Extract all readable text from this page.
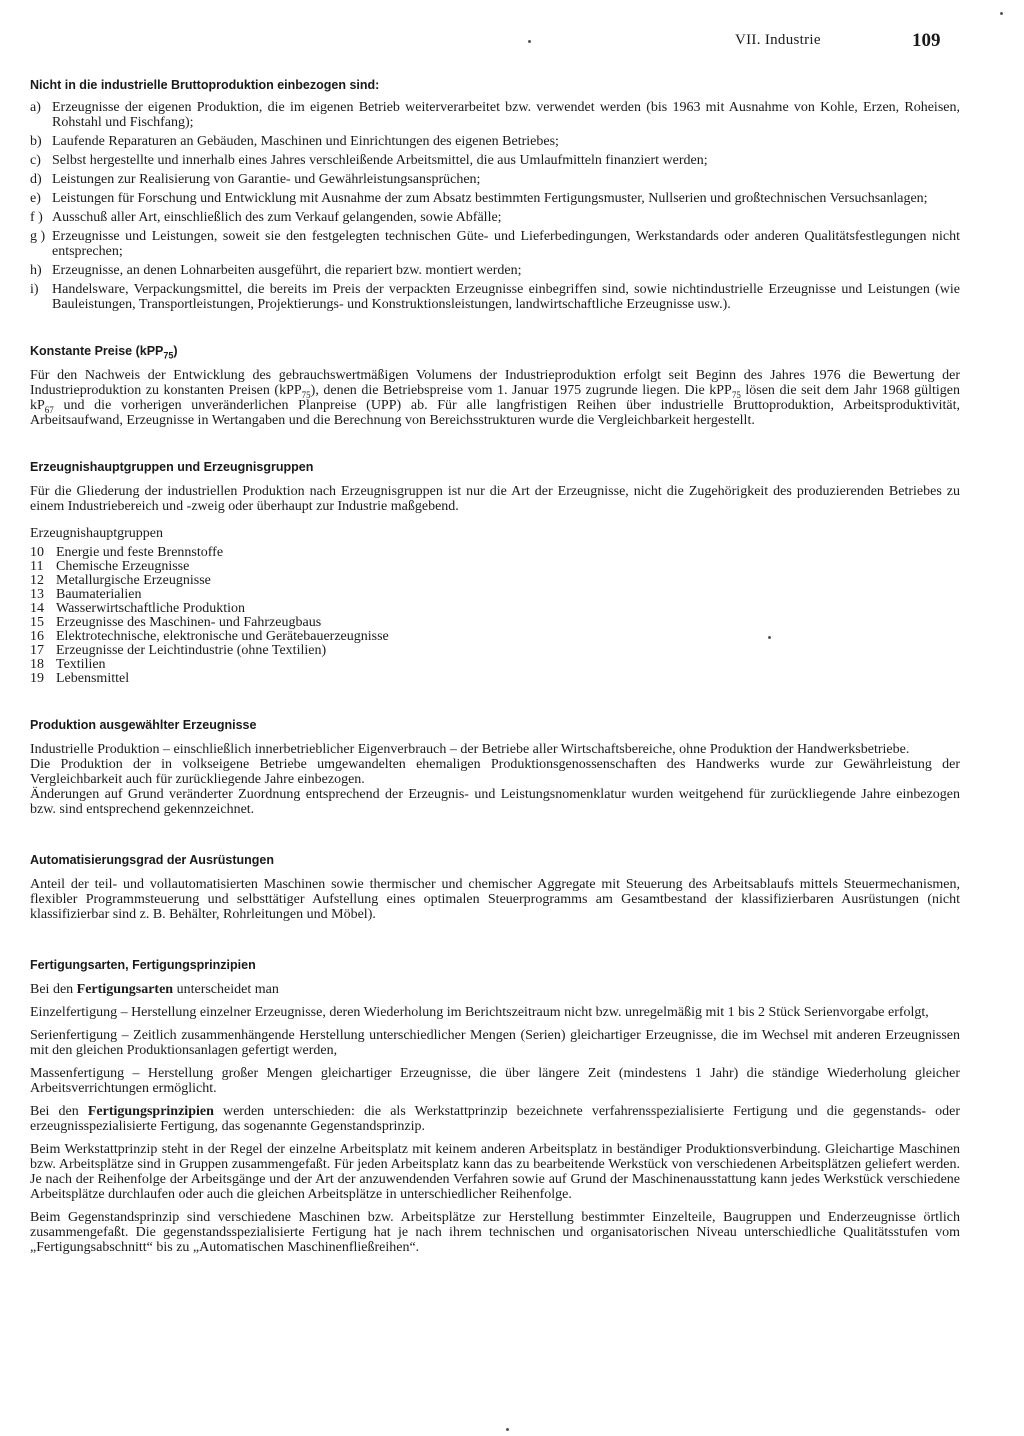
VII. Industrie	109
Nicht in die industrielle Bruttoproduktion einbezogen sind:
a) Erzeugnisse der eigenen Produktion, die im eigenen Betrieb weiterverarbeitet bzw. verwendet werden (bis 1963 mit Ausnahme von Kohle, Erzen, Roheisen, Rohstahl und Fischfang);
b) Laufende Reparaturen an Gebäuden, Maschinen und Einrichtungen des eigenen Betriebes;
c) Selbst hergestellte und innerhalb eines Jahres verschleißende Arbeitsmittel, die aus Umlaufmitteln finanziert werden;
d) Leistungen zur Realisierung von Garantie- und Gewährleistungsansprüchen;
e) Leistungen für Forschung und Entwicklung mit Ausnahme der zum Absatz bestimmten Fertigungsmuster, Nullserien und großtechnischen Versuchsanlagen;
f ) Ausschuß aller Art, einschließlich des zum Verkauf gelangenden, sowie Abfälle;
g ) Erzeugnisse und Leistungen, soweit sie den festgelegten technischen Güte- und Lieferbedingungen, Werkstandards oder anderen Qualitätsfestlegungen nicht entsprechen;
h) Erzeugnisse, an denen Lohnarbeiten ausgeführt, die repariert bzw. montiert werden;
i) Handelsware, Verpackungsmittel, die bereits im Preis der verpackten Erzeugnisse einbegriffen sind, sowie nichtindustrielle Erzeugnisse und Leistungen (wie Bauleistungen, Transportleistungen, Projektierungs- und Konstruktionsleistungen, landwirtschaftliche Erzeugnisse usw.).
Konstante Preise (kPP$_{75}$)

Für den Nachweis der Entwicklung des gebrauchswertmäßigen Volumens der Industrieproduktion erfolgt seit Beginn des Jahres 1976 die Bewertung der Industrieproduktion zu konstanten Preisen (kPP$_{75}$), denen die Betriebspreise vom 1. Januar 1975 zugrunde liegen. Die kPP$_{75}$ lösen die seit dem Jahr 1968 gültigen $kP_{67}$ und die vorherigen unveränderlichen Planpreise (UPP) ab. Für alle langfristigen Reihen über industrielle Bruttoproduktion, Arbeitsproduktivität, Arbeitsaufwand, Erzeugnisse in Wertangaben und die Berechnung von Bereichsstrukturen wurde die Vergleichbarkeit hergestellt.

Erzeugnishauptgruppen und Erzeugnisgruppen

Für die Gliederung der industriellen Produktion nach Erzeugnisgruppen ist nur die Art der Erzeugnisse, nicht die Zugehörigkeit des produzierenden Betriebes zu einem Industriebereich und -zweig oder überhaupt zur Industrie maßgebend.

Erzeugnishauptgruppen
10 Energie und feste Brennstoffe
11 Chemische Erzeugnisse
12 Metallurgische Erzeugnisse
13 Baumaterialien
14 Wasserwirtschaftliche Produktion
15 Erzeugnisse des Maschinen- und Fahrzeugbaus
16 Elektrotechnische, elektronische und Gerätebauerzeugnisse
17 Erzeugnisse der Leichtindustrie (ohne Textilien)
18 Textilien
19 Lebensmittel
Produktion ausgewählter Erzeugnisse

Industrielle Produktion – einschließlich innerbetrieblicher Eigenverbrauch – der Betriebe aller Wirtschaftsbereiche, ohne Produktion der Handwerksbetriebe.

Die Produktion der in volkseigene Betriebe umgewandelten ehemaligen Produktionsgenossenschaften des Handwerks wurde zur Gewährleistung der Vergleichbarkeit auch für zurückliegende Jahre einbezogen.

Änderungen auf Grund veränderter Zuordnung entsprechend der Erzeugnis- und Leistungsnomenklatur wurden weitgehend für zurückliegende Jahre einbezogen bzw. sind entsprechend gekennzeichnet.

Automatisierungsgrad der Ausrüstungen

Anteil der teil- und vollautomatisierten Maschinen sowie thermischer und chemischer Aggregate mit Steuerung des Arbeitsablaufs mittels Steuermechanismen, flexibler Programmsteuerung und selbsttätiger Aufstellung eines optimalen Steuerprogramms am Gesamtbestand der klassifizierbaren Ausrüstungen (nicht klassifizierbar sind z. B. Behälter, Rohrleitungen und Möbel).

Fertigungsarten, Fertigungsprinzipien

Bei den Fertigungsarten unterscheidet man

Einzelfertigung – Herstellung einzelner Erzeugnisse, deren Wiederholung im Berichtszeitraum nicht bzw. unregelmäßig mit 1 bis 2 Stück Serienvorgabe erfolgt,

Serienfertigung – Zeitlich zusammenhängende Herstellung unterschiedlicher Mengen (Serien) gleichartiger Erzeugnisse, die im Wechsel mit anderen Erzeugnissen mit den gleichen Produktionsanlagen gefertigt werden,

Massenfertigung – Herstellung großer Mengen gleichartiger Erzeugnisse, die über längere Zeit (mindestens 1 Jahr) die ständige Wiederholung gleicher Arbeitsverrichtungen ermöglicht.

Bei den Fertigungsprinzipien werden unterschieden: die als Werkstattprinzip bezeichnete verfahrensspezialisierte Fertigung und die gegenstands- oder erzeugnisspezialisierte Fertigung, das sogenannte Gegenstandsprinzip.

Beim Werkstattprinzip steht in der Regel der einzelne Arbeitsplatz mit keinem anderen Arbeitsplatz in beständiger Produktionsverbindung. Gleichartige Maschinen bzw. Arbeitsplätze sind in Gruppen zusammengefaßt. Für jeden Arbeitsplatz kann das zu bearbeitende Werkstück von verschiedenen Arbeitsplätzen geliefert werden. Je nach der Reihenfolge der Arbeitsgänge und der Art der anzuwendenden Verfahren sowie auf Grund der Maschinenausstattung kann jedes Werkstück verschiedene Arbeitsplätze durchlaufen oder auch die gleichen Arbeitsplätze in unterschiedlicher Reihenfolge.

Beim Gegenstandsprinzip sind verschiedene Maschinen bzw. Arbeitsplätze zur Herstellung bestimmter Einzelteile, Baugruppen und Enderzeugnisse örtlich zusammengefaßt. Die gegenstandsspezialisierte Fertigung hat je nach ihrem technischen und organisatorischen Niveau unterschiedliche Qualitätsstufen vom „Fertigungsabschnitt“ bis zu „Automatischen Maschinenfließreihen“.
